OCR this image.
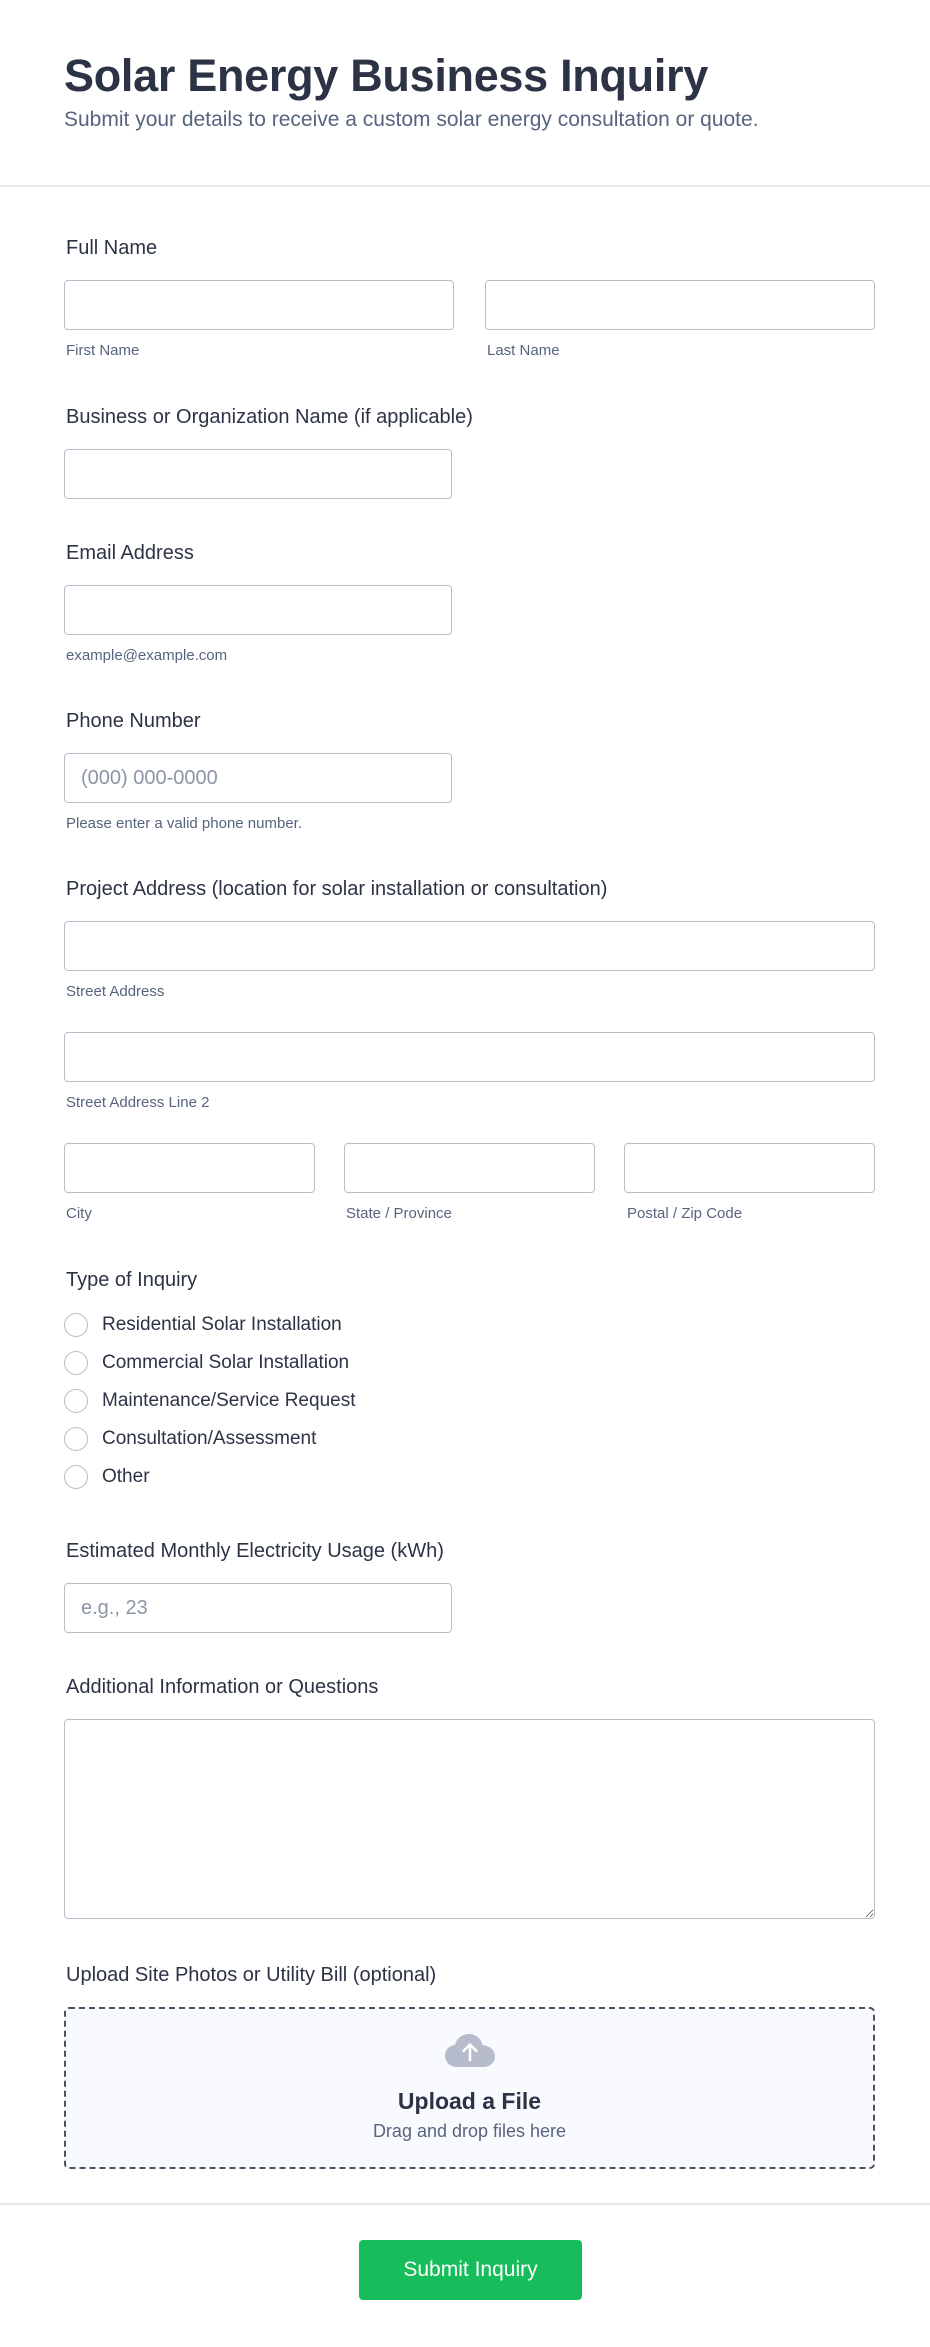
Solar Energy Business Inquiry
Submit your details to receive a custom solar energy consultation or quote.
Full Name
First Name	Last Name
Business or Organization Name (if applicable)
Email Address
example@example.com
Phone Number
(000) 000-0000
Please enter a valid phone number.
Project Address (location for solar installation or consultation)
Street Address
Street Address Line 2
City	State / Province	Postal / Zip Code
Type of Inquiry
Residential Solar Installation
Commercial Solar Installation
Maintenance/Service Request
Consultation/Assessment
Other
Estimated Monthly Electricity Usage (kWh)
e.g., 23
Additional Information or Questions
Upload Site Photos or Utility Bill (optional)
Upload a File
Drag and drop files here
Submit Inquiry
